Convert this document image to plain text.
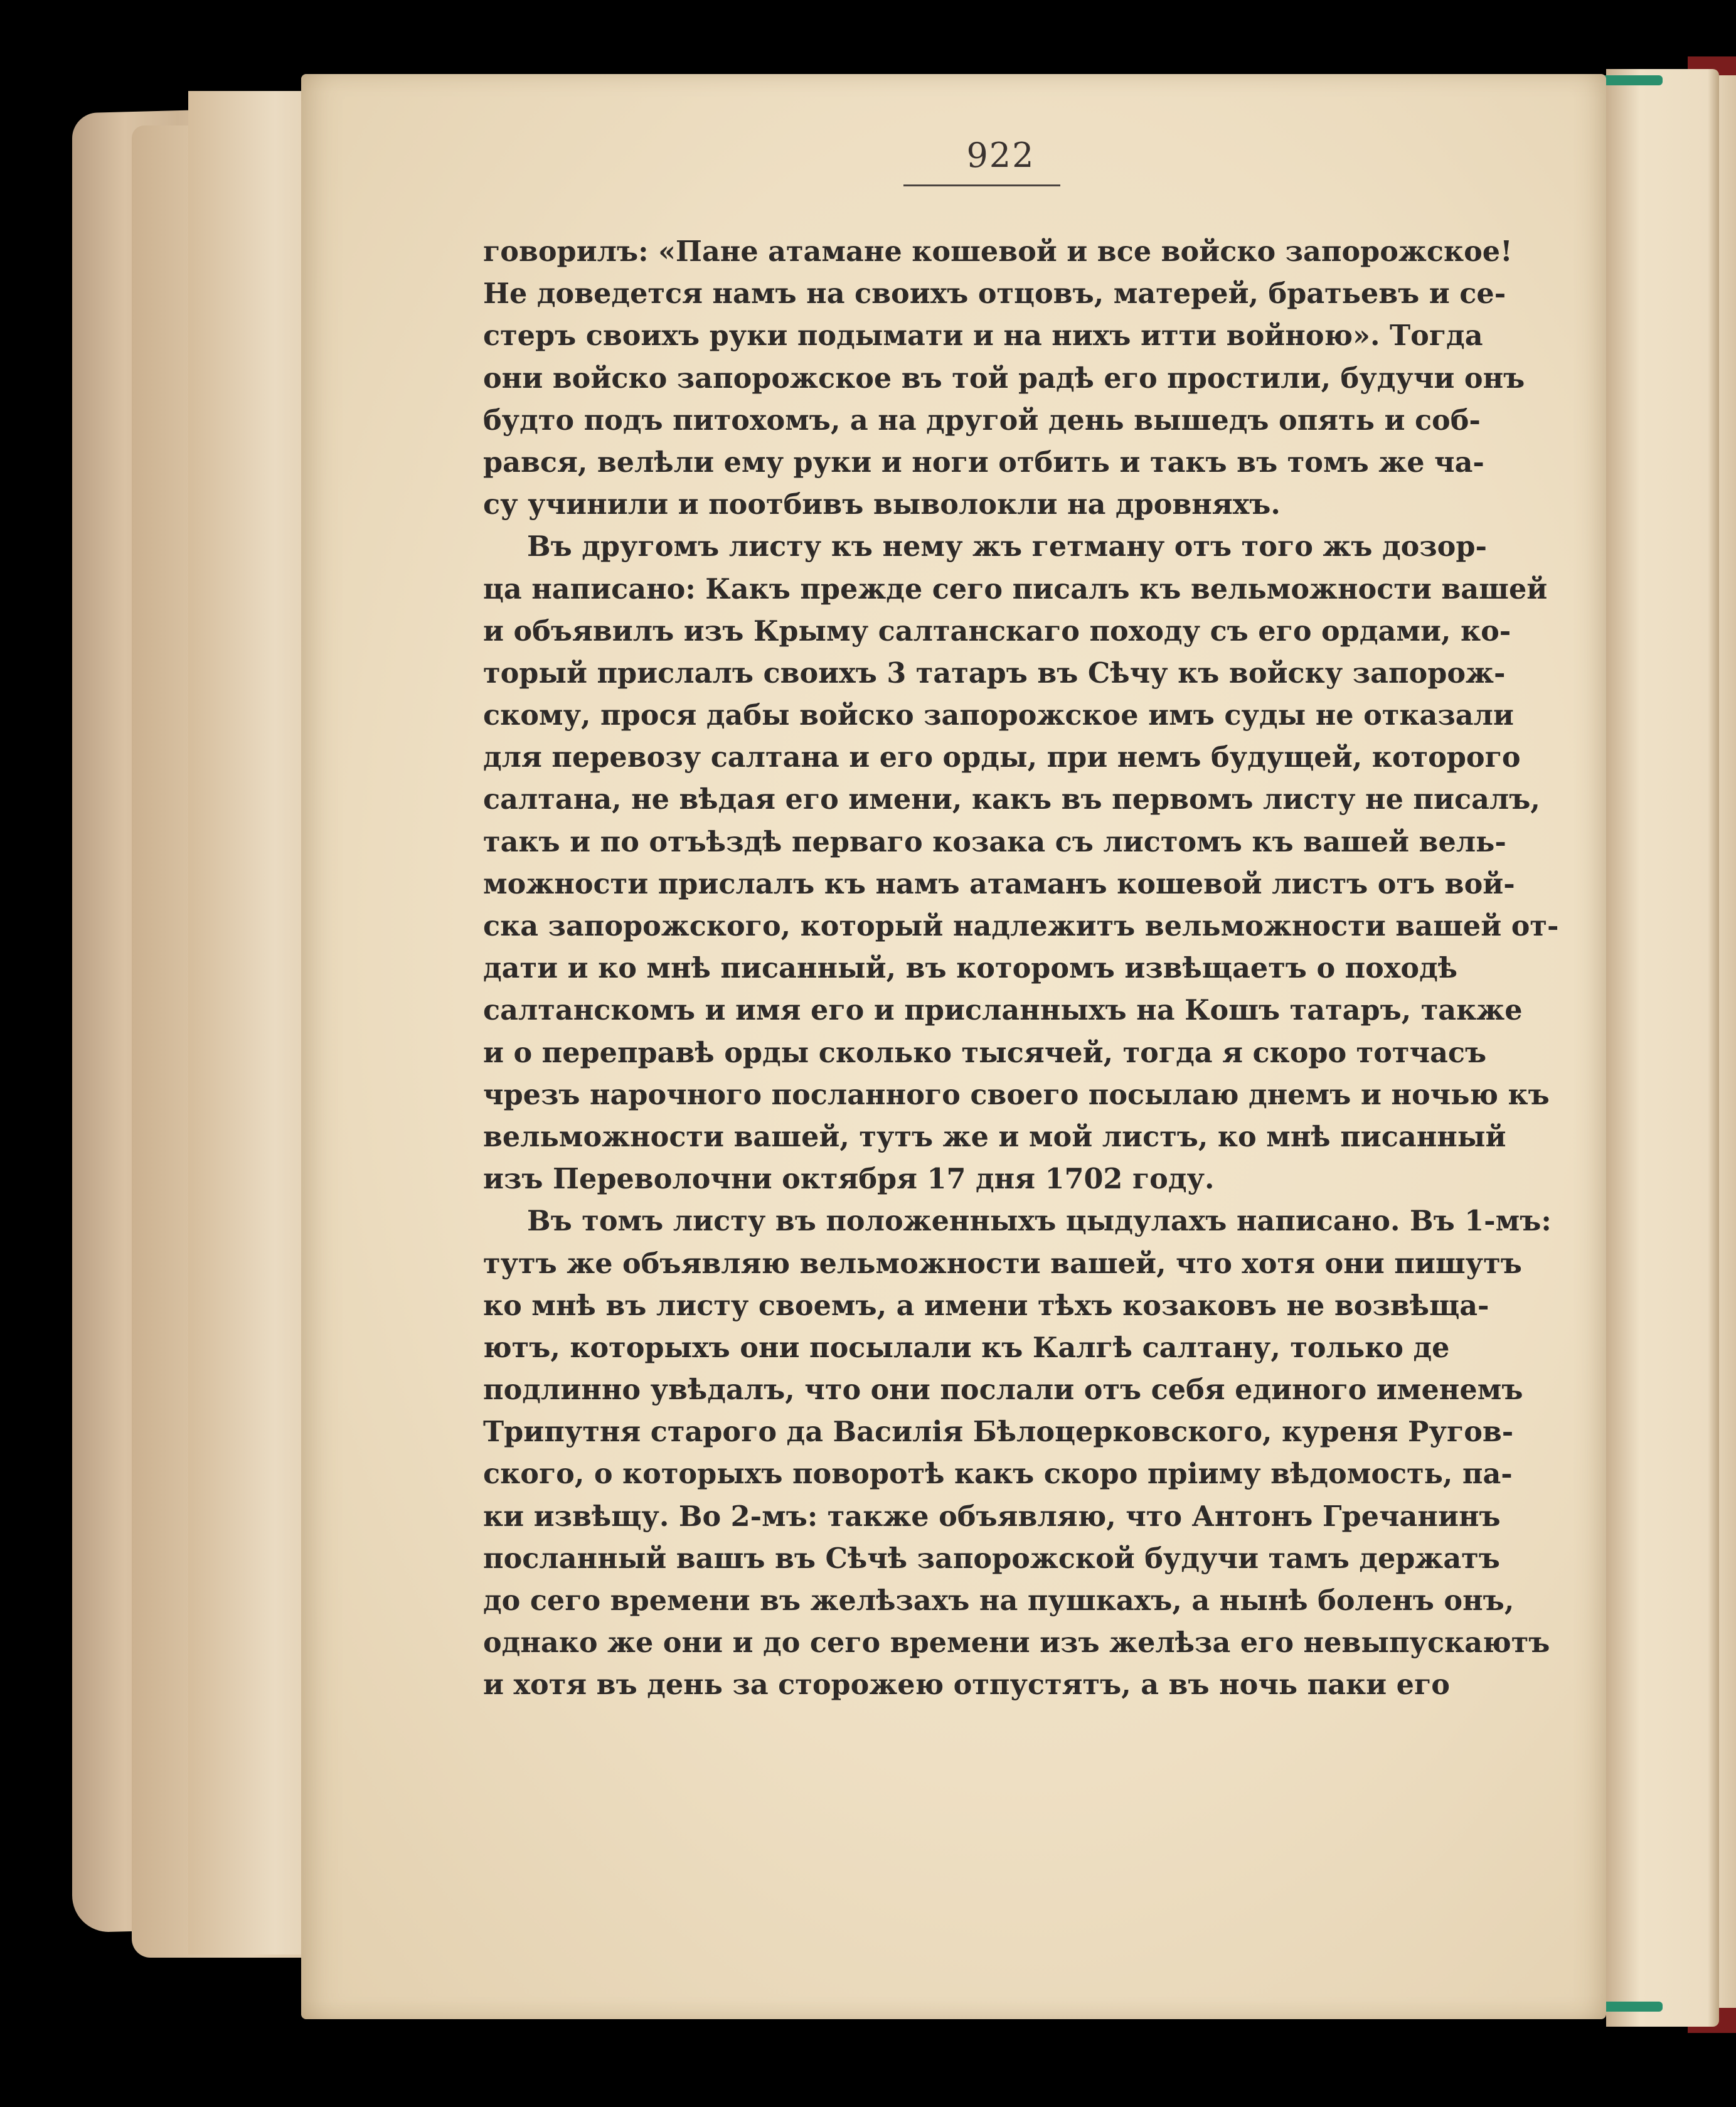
922
говорилъ: «Пане атамане кошевой и все войско запорожское!
Не доведется намъ на своихъ отцовъ, матерей, братьевъ и се-
стеръ своихъ руки подымати и на нихъ итти войною». Тогда
они войско запорожское въ той радѣ его простили, будучи онъ
будто подъ питохомъ, а на другой день вышедъ опять и соб-
рався, велѣли ему руки и ноги отбить и такъ въ томъ же ча-
су учинили и поотбивъ выволокли на дровняхъ.
Въ другомъ листу къ нему жъ гетману отъ того жъ дозор-
ца написано: Какъ прежде сего писалъ къ вельможности вашей
и объявилъ изъ Крыму салтанскаго походу съ его ордами, ко-
торый прислалъ своихъ 3 татаръ въ Сѣчу къ войску запорож-
скому, прося дабы войско запорожское имъ суды не отказали
для перевозу салтана и его орды, при немъ будущей, которого
салтана, не вѣдая его имени, какъ въ первомъ листу не писалъ,
такъ и по отъѣздѣ перваго козака съ листомъ къ вашей вель-
можности прислалъ къ намъ атаманъ кошевой листъ отъ вой-
ска запорожского, который надлежитъ вельможности вашей от-
дати и ко мнѣ писанный, въ которомъ извѣщаетъ о походѣ
салтанскомъ и имя его и присланныхъ на Кошъ татаръ, также
и о переправѣ орды сколько тысячей, тогда я скоро тотчасъ
чрезъ нарочного посланного своего посылаю днемъ и ночью къ
вельможности вашей, тутъ же и мой листъ, ко мнѣ писанный
изъ Переволочни октября 17 дня 1702 году.
Въ томъ листу въ положенныхъ цыдулахъ написано. Въ 1-мъ:
тутъ же объявляю вельможности вашей, что хотя они пишутъ
ко мнѣ въ листу своемъ, а имени тѣхъ козаковъ не возвѣща-
ютъ, которыхъ они посылали къ Калгѣ салтану, только де
подлинно увѣдалъ, что они послали отъ себя единого именемъ
Трипутня старого да Василія Бѣлоцерковского, куреня Ругов-
ского, о которыхъ поворотѣ какъ скоро пріиму вѣдомость, па-
ки извѣщу. Во 2-мъ: также объявляю, что Антонъ Гречанинъ
посланный вашъ въ Сѣчѣ запорожской будучи тамъ держатъ
до сего времени въ желѣзахъ на пушкахъ, а нынѣ боленъ онъ,
однако же они и до сего времени изъ желѣза его невыпускаютъ
и хотя въ день за сторожею отпустятъ, а въ ночь паки его
